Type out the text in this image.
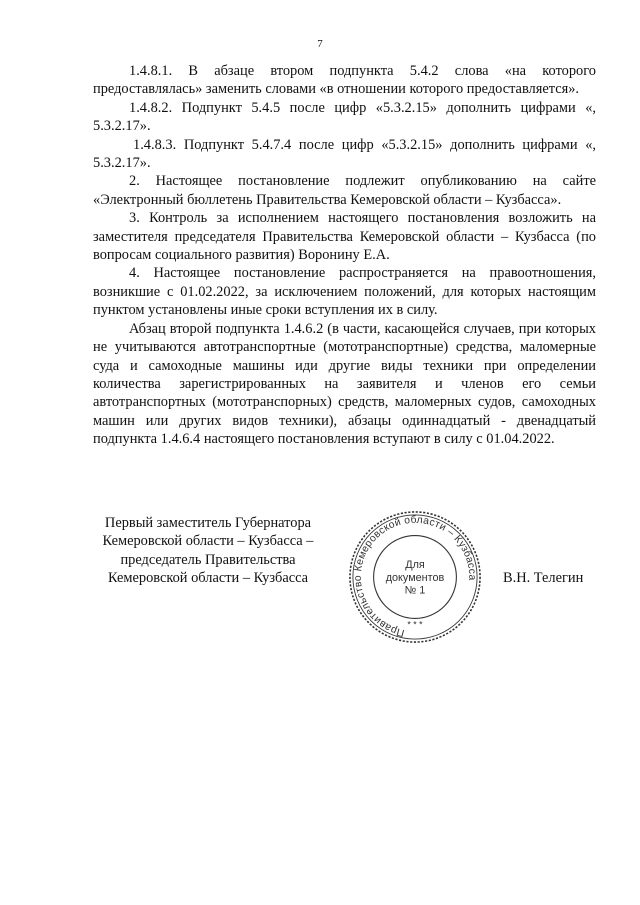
7

1.4.8.1. В абзаце втором подпункта 5.4.2 слова «на которого предоставлялась» заменить словами «в отношении которого предоставляется».

1.4.8.2. Подпункт 5.4.5 после цифр «5.3.2.15» дополнить цифрами «, 5.3.2.17».

1.4.8.3. Подпункт 5.4.7.4 после цифр «5.3.2.15» дополнить цифрами «, 5.3.2.17».

2. Настоящее постановление подлежит опубликованию на сайте «Электронный бюллетень Правительства Кемеровской области – Кузбасса».

3. Контроль за исполнением настоящего постановления возложить на заместителя председателя Правительства Кемеровской области – Кузбасса (по вопросам социального развития) Воронину Е.А.

4. Настоящее постановление распространяется на правоотношения, возникшие с 01.02.2022, за исключением положений, для которых настоящим пунктом установлены иные сроки вступления их в силу.

Абзац второй подпункта 1.4.6.2 (в части, касающейся случаев, при которых не учитываются автотранспортные (мототранспортные) средства, маломерные суда и самоходные машины иди другие виды техники при определении количества зарегистрированных на заявителя и членов его семьи автотранспортных (мототранспорных) средств, маломерных судов, самоходных машин или других видов техники), абзацы одиннадцатый - двенадцатый подпункта 1.4.6.4 настоящего постановления вступают в силу с 01.04.2022.

Первый заместитель Губернатора
Кемеровской области – Кузбасса –
председатель Правительства
Кемеровской области – Кузбасса
Правительство Кемеровской области – Кузбасса
* * *
Для
документов
№ 1
В.Н. Телегин
